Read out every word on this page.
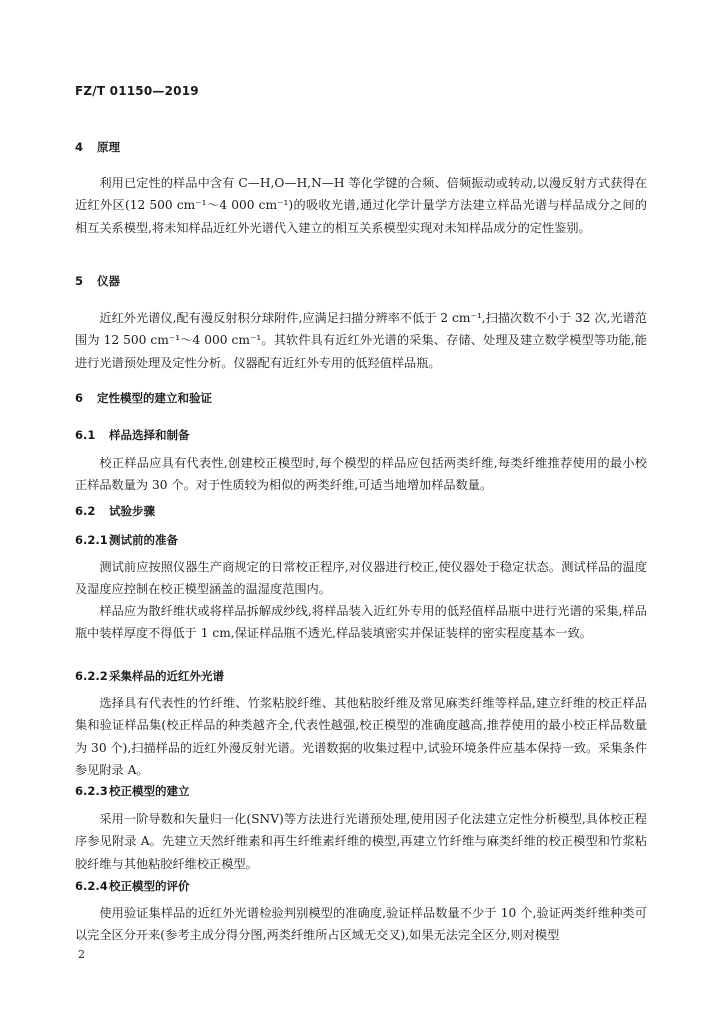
FZ/T 01150—2019
4 原理

利用已定性的样品中含有 C—H,O—H,N—H 等化学键的合频、倍频振动或转动,以漫反射方式获得在近红外区(12 500 cm⁻¹～4 000 cm⁻¹)的吸收光谱,通过化学计量学方法建立样品光谱与样品成分之间的相互关系模型,将未知样品近红外光谱代入建立的相互关系模型实现对未知样品成分的定性鉴别。

5 仪器

近红外光谱仪,配有漫反射积分球附件,应满足扫描分辨率不低于 2 cm⁻¹,扫描次数不小于 32 次,光谱范围为 12 500 cm⁻¹～4 000 cm⁻¹。其软件具有近红外光谱的采集、存储、处理及建立数学模型等功能,能进行光谱预处理及定性分析。仪器配有近红外专用的低羟值样品瓶。

6 定性模型的建立和验证
6.1 样品选择和制备

校正样品应具有代表性,创建校正模型时,每个模型的样品应包括两类纤维,每类纤维推荐使用的最小校正样品数量为 30 个。对于性质较为相似的两类纤维,可适当地增加样品数量。

6.2 试验步骤
6.2.1测试前的准备

测试前应按照仪器生产商规定的日常校正程序,对仪器进行校正,使仪器处于稳定状态。测试样品的温度及湿度应控制在校正模型涵盖的温湿度范围内。

样品应为散纤维状或将样品拆解成纱线,将样品装入近红外专用的低羟值样品瓶中进行光谱的采集,样品瓶中装样厚度不得低于 1 cm,保证样品瓶不透光,样品装填密实并保证装样的密实程度基本一致。

6.2.2采集样品的近红外光谱

选择具有代表性的竹纤维、竹浆粘胶纤维、其他粘胶纤维及常见麻类纤维等样品,建立纤维的校正样品集和验证样品集(校正样品的种类越齐全,代表性越强,校正模型的准确度越高,推荐使用的最小校正样品数量为 30 个),扫描样品的近红外漫反射光谱。光谱数据的收集过程中,试验环境条件应基本保持一致。采集条件参见附录 A。

6.2.3校正模型的建立

采用一阶导数和矢量归一化(SNV)等方法进行光谱预处理,使用因子化法建立定性分析模型,具体校正程序参见附录 A。先建立天然纤维素和再生纤维素纤维的模型,再建立竹纤维与麻类纤维的校正模型和竹浆粘胶纤维与其他粘胶纤维校正模型。

6.2.4校正模型的评价

使用验证集样品的近红外光谱检验判别模型的准确度,验证样品数量不少于 10 个,验证两类纤维种类可以完全区分开来(参考主成分得分图,两类纤维所占区域无交叉),如果无法完全区分,则对模型

2
